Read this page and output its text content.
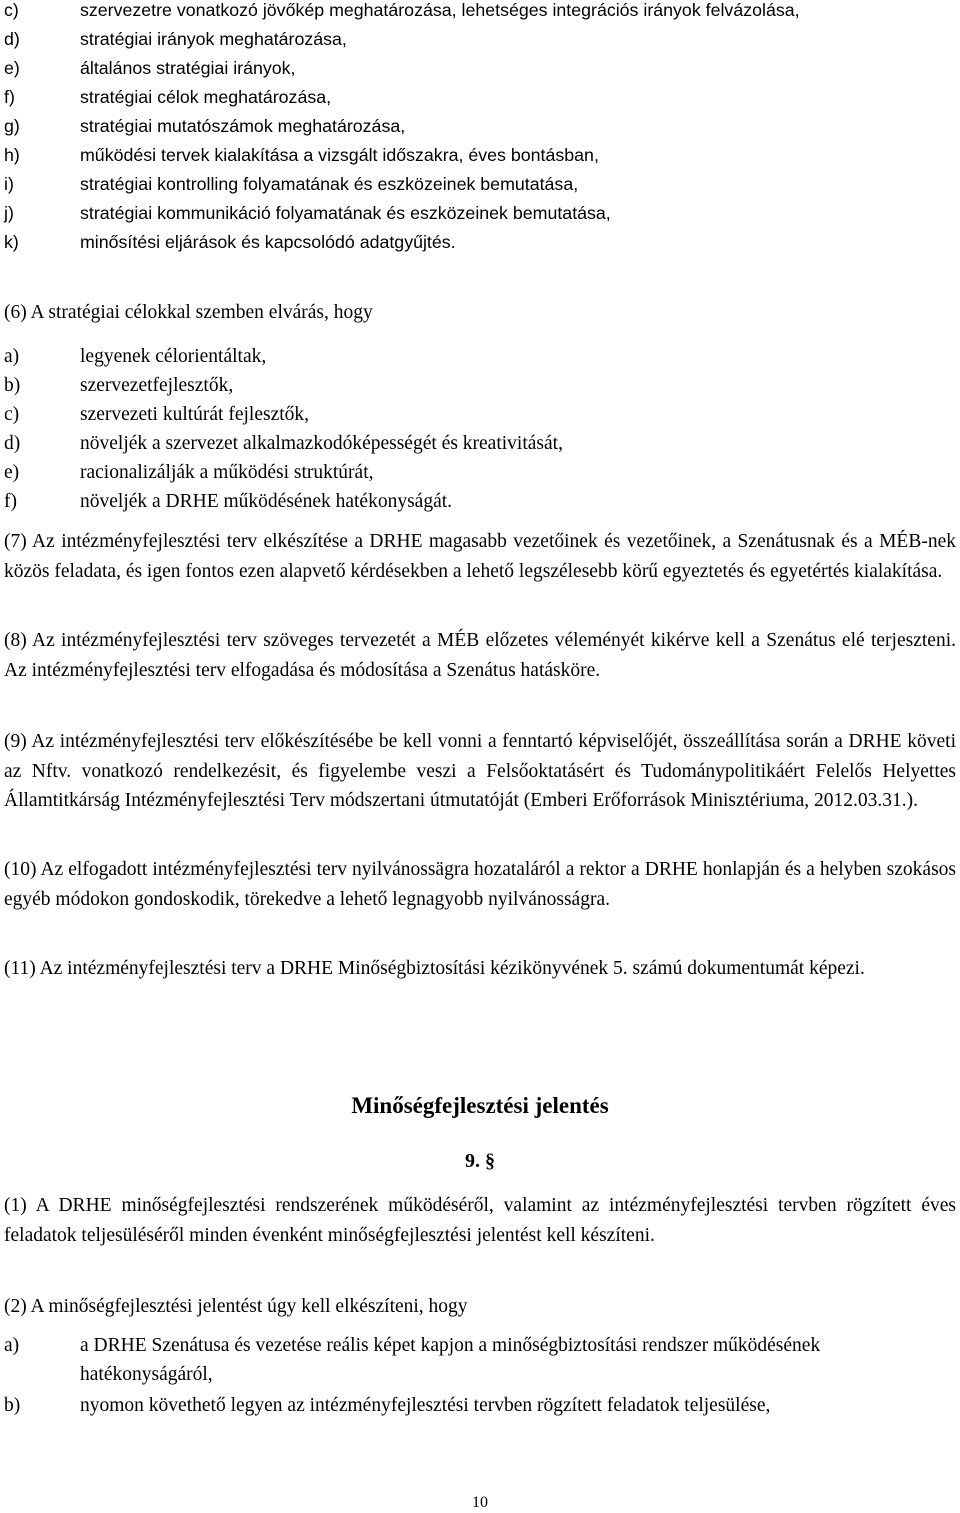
c)	szervezetre vonatkozó jövőkép meghatározása, lehetséges integrációs irányok felvázolása,
d)	stratégiai irányok meghatározása,
e)	általános stratégiai irányok,
f)	stratégiai célok meghatározása,
g)	stratégiai mutatószámok meghatározása,
h)	működési tervek kialakítása a vizsgált időszakra, éves bontásban,
i)	stratégiai kontrolling folyamatának és eszközeinek bemutatása,
j)	stratégiai kommunikáció folyamatának és eszközeinek bemutatása,
k)	minősítési eljárások és kapcsolódó adatgyűjtés.

(6) A stratégiai célokkal szemben elvárás, hogy

a)	legyenek célorientáltak,
b)	szervezetfejlesztők,
c)	szervezeti kultúrát fejlesztők,
d)	növeljék a szervezet alkalmazkodóképességét és kreativitását,
e)	racionalizálják a működési struktúrát,
f)	növeljék a DRHE működésének hatékonyságát.

(7) Az intézményfejlesztési terv elkészítése a DRHE magasabb vezetőinek és vezetőinek, a Szenátusnak és a MÉB-nek közös feladata, és igen fontos ezen alapvető kérdésekben a lehető legszélesebb körű egyeztetés és egyetértés kialakítása.

(8) Az intézményfejlesztési terv szöveges tervezetét a MÉB előzetes véleményét kikérve kell a Szenátus elé terjeszteni. Az intézményfejlesztési terv elfogadása és módosítása a Szenátus hatásköre.

(9) Az intézményfejlesztési terv előkészítésébe be kell vonni a fenntartó képviselőjét, összeállítása során a DRHE követi az Nftv. vonatkozó rendelkezésit, és figyelembe veszi a Felsőoktatásért és Tudománypolitikáért Felelős Helyettes Államtitkárság Intézményfejlesztési Terv módszertani útmutatóját (Emberi Erőforrások Minisztériuma, 2012.03.31.).

(10) Az elfogadott intézményfejlesztési terv nyilvánossägra hozataláról a rektor a DRHE honlapján és a helyben szokásos egyéb módokon gondoskodik, törekedve a lehető legnagyobb nyilvánosságra.

(11) Az intézményfejlesztési terv a DRHE Minőségbiztosítási kézikönyvének 5. számú dokumentumát képezi.

Minőségfejlesztési jelentés
9. §

(1) A DRHE minőségfejlesztési rendszerének működéséről, valamint az intézményfejlesztési tervben rögzített éves feladatok teljesüléséről minden évenként minőségfejlesztési jelentést kell készíteni.

(2) A minőségfejlesztési jelentést úgy kell elkészíteni, hogy

a)	a DRHE Szenátusa és vezetése reális képet kapjon a minőségbiztosítási rendszer működésének hatékonyságáról,
b)	nyomon követhető legyen az intézményfejlesztési tervben rögzített feladatok teljesülése,
10
